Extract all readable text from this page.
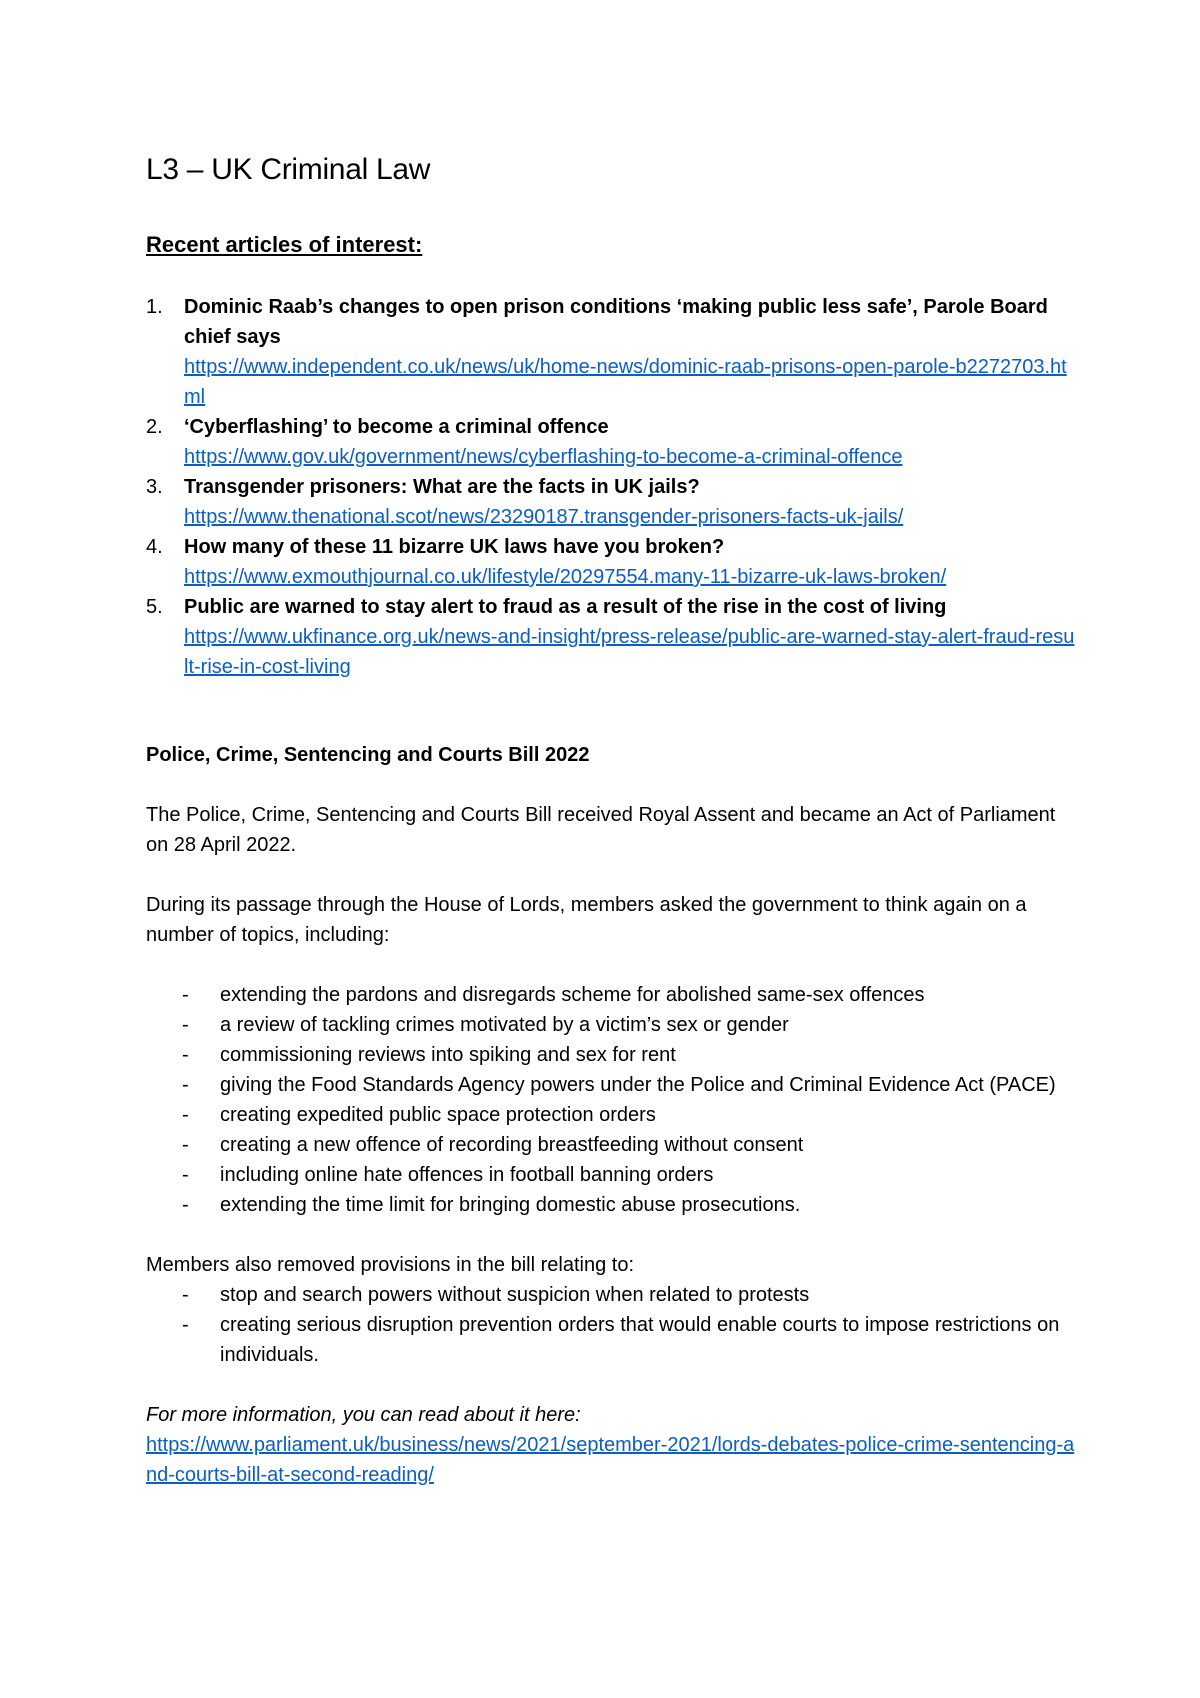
L3 – UK Criminal Law
Recent articles of interest:
Dominic Raab’s changes to open prison conditions ‘making public less safe’, Parole Board chief says
https://www.independent.co.uk/news/uk/home-news/dominic-raab-prisons-open-parole-b2272703.html
‘Cyberflashing’ to become a criminal offence
https://www.gov.uk/government/news/cyberflashing-to-become-a-criminal-offence
Transgender prisoners: What are the facts in UK jails?
https://www.thenational.scot/news/23290187.transgender-prisoners-facts-uk-jails/
How many of these 11 bizarre UK laws have you broken?
https://www.exmouthjournal.co.uk/lifestyle/20297554.many-11-bizarre-uk-laws-broken/
Public are warned to stay alert to fraud as a result of the rise in the cost of living
https://www.ukfinance.org.uk/news-and-insight/press-release/public-are-warned-stay-alert-fraud-result-rise-in-cost-living
Police, Crime, Sentencing and Courts Bill 2022

The Police, Crime, Sentencing and Courts Bill received Royal Assent and became an Act of Parliament on 28 April 2022.

During its passage through the House of Lords, members asked the government to think again on a number of topics, including:

- extending the pardons and disregards scheme for abolished same-sex offences
- a review of tackling crimes motivated by a victim’s sex or gender
- commissioning reviews into spiking and sex for rent
- giving the Food Standards Agency powers under the Police and Criminal Evidence Act (PACE)
- creating expedited public space protection orders
- creating a new offence of recording breastfeeding without consent
- including online hate offences in football banning orders
- extending the time limit for bringing domestic abuse prosecutions.

Members also removed provisions in the bill relating to:

- stop and search powers without suspicion when related to protests
- creating serious disruption prevention orders that would enable courts to impose restrictions on individuals.

For more information, you can read about it here:

https://www.parliament.uk/business/news/2021/september-2021/lords-debates-police-crime-sentencing-and-courts-bill-at-second-reading/
